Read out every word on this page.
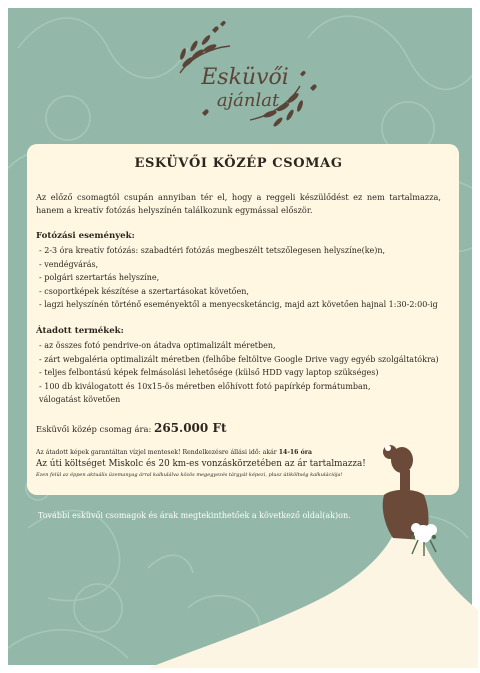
Esküvői
ajánlat
ESKÜVŐI KÖZÉP CSOMAG

Az előző csomagtól csupán annyiban tér el, hogy a reggeli készülődést ez nem tartalmazza, hanem a kreatív fotózás helyszínén találkozunk egymással először.

Fotózási események:
- 2-3 óra kreatív fotózás: szabadtéri fotózás megbeszélt tetszőlegesen helyszíne(ke)n,
- vendégvárás,
- polgári szertartás helyszíne,
- csoportképek készítése a szertartásokat követően,
- lagzi helyszínén történő eseményektől a menyecsketáncig, majd azt követően hajnal 1:30-2:00-ig
Átadott termékek:
- az összes fotó pendrive-on átadva optimalizált méretben,
- zárt webgaléria optimalizált méretben (felhőbe feltöltve Google Drive vagy egyéb szolgáltatókra)
- teljes felbontású képek felmásolási lehetősége (külső HDD vagy laptop szükséges)
- 100 db kiválogatott és 10x15-ös méretben előhívott fotó papírkép formátumban,
válogatást követően
Esküvői közép csomag ára: 265.000 Ft
Az átadott képek garantáltan vízjel mentesek! Rendelkezésre állási idő: akár 14-16 óra
Az úti költséget Miskolc és 20 km-es vonzáskörzetében az ár tartalmazza!
Ezen felül az éppen aktuális üzemanyag árral kalkulálva közös megegyezés tárgyát képezi, plusz útiköltség kalkulációja!
További esküvői csomagok és árak megtekinthetőek a következő oldal(ak)on.
